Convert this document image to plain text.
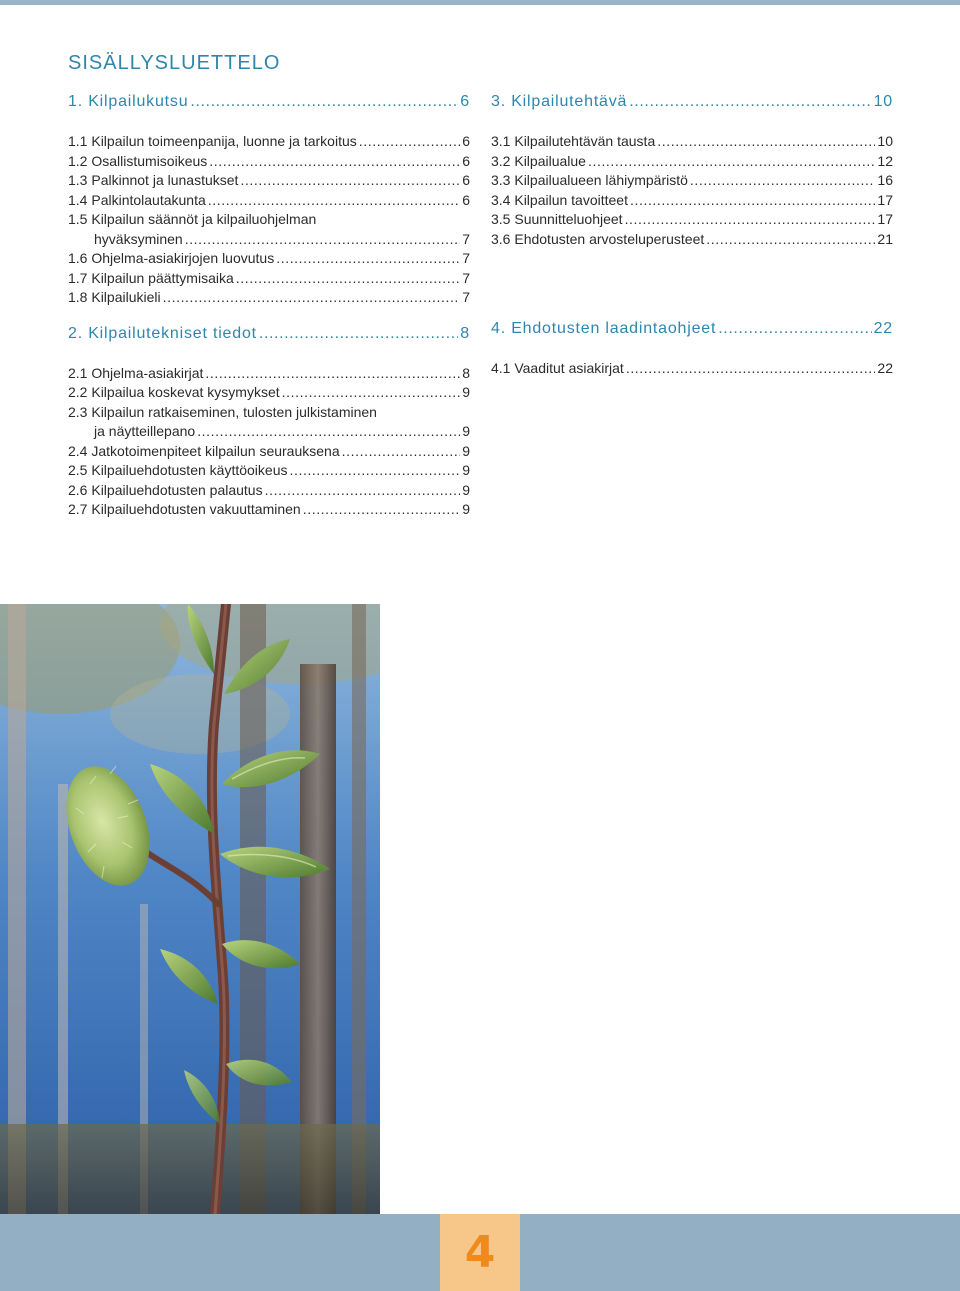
SISÄLLYSLUETTELO
1. Kilpailukutsu .....	6
1.1 Kilpailun toimeenpanija, luonne ja tarkoitus .....	6
1.2 Osallistumisoikeus .....	6
1.3 Palkinnot ja lunastukset .....	6
1.4 Palkintolautakunta .....	6
1.5 Kilpailun säännöt ja kilpailuohjelman
hyväksyminen .....	7
1.6 Ohjelma-asiakirjojen luovutus .....	7
1.7 Kilpailun päättymisaika .....	7
1.8 Kilpailukieli .....	7
2. Kilpailutekniset tiedot .....	8
2.1 Ohjelma-asiakirjat .....	8
2.2 Kilpailua koskevat kysymykset .....	9
2.3 Kilpailun ratkaiseminen, tulosten julkistaminen
ja näytteillepano .....	9
2.4 Jatkotoimenpiteet kilpailun seurauksena .....	9
2.5 Kilpailuehdotusten käyttöoikeus .....	9
2.6 Kilpailuehdotusten palautus .....	9
2.7 Kilpailuehdotusten vakuuttaminen .....	9
3. Kilpailutehtävä .....	10
3.1 Kilpailutehtävän tausta .....	10
3.2 Kilpailualue .....	12
3.3 Kilpailualueen lähiympäristö .....	16
3.4 Kilpailun tavoitteet .....	17
3.5 Suunnitteluohjeet .....	17
3.6 Ehdotusten arvosteluperusteet .....	21
4. Ehdotusten laadintaohjeet .....	22
4.1 Vaaditut asiakirjat .....	22
4
